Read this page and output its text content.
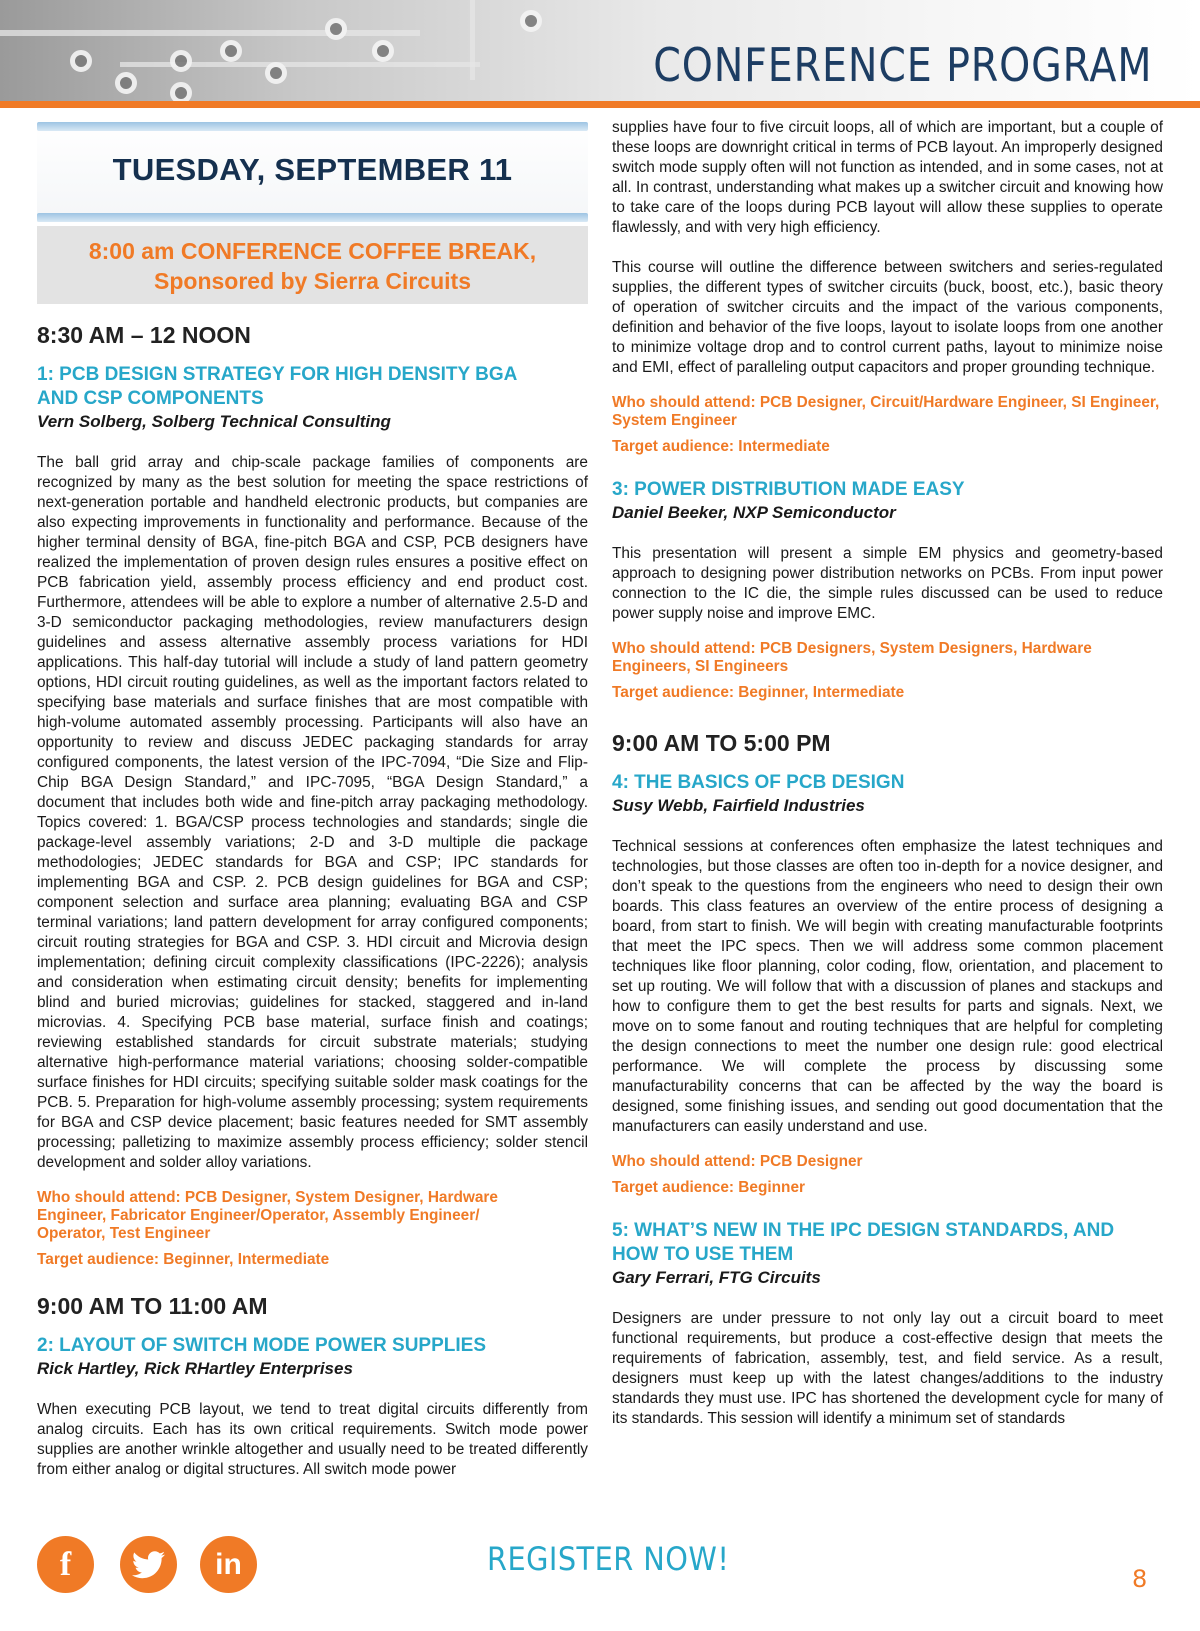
CONFERENCE PROGRAM
TUESDAY, SEPTEMBER 11
8:00 am CONFERENCE COFFEE BREAK,
Sponsored by Sierra Circuits
8:30 AM – 12 NOON
1: PCB DESIGN STRATEGY FOR HIGH DENSITY BGA AND CSP COMPONENTS
Vern Solberg, Solberg Technical Consulting

The ball grid array and chip-scale package families of components are recognized by many as the best solution for meeting the space restrictions of next-generation portable and handheld electronic products, but companies are also expecting improvements in functionality and performance. Because of the higher terminal density of BGA, fine-pitch BGA and CSP, PCB designers have realized the implementation of proven design rules ensures a positive effect on PCB fabrication yield, assembly process efficiency and end product cost. Furthermore, attendees will be able to explore a number of alternative 2.5-D and 3-D semiconductor packaging methodologies, review manufacturers design guidelines and assess alternative assembly process variations for HDI applications. This half-day tutorial will include a study of land pattern geometry options, HDI circuit routing guidelines, as well as the important factors related to specifying base materials and surface finishes that are most compatible with high-volume automated assembly processing. Participants will also have an opportunity to review and discuss JEDEC packaging standards for array configured components, the latest version of the IPC-7094, “Die Size and Flip-Chip BGA Design Standard,” and IPC-7095, “BGA Design Standard,” a document that includes both wide and fine-pitch array packaging methodology. Topics covered: 1. BGA/CSP process technologies and standards; single die package-level assembly variations; 2-D and 3-D multiple die package methodologies; JEDEC standards for BGA and CSP; IPC standards for implementing BGA and CSP. 2. PCB design guidelines for BGA and CSP; component selection and surface area planning; evaluating BGA and CSP terminal variations; land pattern development for array configured components; circuit routing strategies for BGA and CSP. 3. HDI circuit and Microvia design implementation; defining circuit complexity classifications (IPC-2226); analysis and consideration when estimating circuit density; benefits for implementing blind and buried microvias; guidelines for stacked, staggered and in-land microvias. 4. Specifying PCB base material, surface finish and coatings; reviewing established standards for circuit substrate materials; studying alternative high-performance material variations; choosing solder-compatible surface finishes for HDI circuits; specifying suitable solder mask coatings for the PCB. 5. Preparation for high-volume assembly processing; system requirements for BGA and CSP device placement; basic features needed for SMT assembly processing; palletizing to maximize assembly process efficiency; solder stencil development and solder alloy variations.

Who should attend: PCB Designer, System Designer, Hardware Engineer, Fabricator Engineer/Operator, Assembly Engineer/ Operator, Test Engineer
Target audience: Beginner, Intermediate
9:00 AM TO 11:00 AM
2: LAYOUT OF SWITCH MODE POWER SUPPLIES
Rick Hartley, Rick RHartley Enterprises

When executing PCB layout, we tend to treat digital circuits differently from analog circuits. Each has its own critical requirements. Switch mode power supplies are another wrinkle altogether and usually need to be treated differently from either analog or digital structures. All switch mode power

supplies have four to five circuit loops, all of which are important, but a couple of these loops are downright critical in terms of PCB layout. An improperly designed switch mode supply often will not function as intended, and in some cases, not at all. In contrast, understanding what makes up a switcher circuit and knowing how to take care of the loops during PCB layout will allow these supplies to operate flawlessly, and with very high efficiency.

This course will outline the difference between switchers and series-regulated supplies, the different types of switcher circuits (buck, boost, etc.), basic theory of operation of switcher circuits and the impact of the various components, definition and behavior of the five loops, layout to isolate loops from one another to minimize voltage drop and to control current paths, layout to minimize noise and EMI, effect of paralleling output capacitors and proper grounding technique.

Who should attend: PCB Designer, Circuit/Hardware Engineer, SI Engineer, System Engineer
Target audience: Intermediate
3: POWER DISTRIBUTION MADE EASY
Daniel Beeker, NXP Semiconductor

This presentation will present a simple EM physics and geometry-based approach to designing power distribution networks on PCBs. From input power connection to the IC die, the simple rules discussed can be used to reduce power supply noise and improve EMC.

Who should attend: PCB Designers, System Designers, Hardware Engineers, SI Engineers
Target audience: Beginner, Intermediate
9:00 AM TO 5:00 PM
4: THE BASICS OF PCB DESIGN
Susy Webb, Fairfield Industries

Technical sessions at conferences often emphasize the latest techniques and technologies, but those classes are often too in-depth for a novice designer, and don’t speak to the questions from the engineers who need to design their own boards. This class features an overview of the entire process of designing a board, from start to finish. We will begin with creating manufacturable footprints that meet the IPC specs. Then we will address some common placement techniques like floor planning, color coding, flow, orientation, and placement to set up routing. We will follow that with a discussion of planes and stackups and how to configure them to get the best results for parts and signals. Next, we move on to some fanout and routing techniques that are helpful for completing the design connections to meet the number one design rule: good electrical performance. We will complete the process by discussing some manufacturability concerns that can be affected by the way the board is designed, some finishing issues, and sending out good documentation that the manufacturers can easily understand and use.

Who should attend: PCB Designer
Target audience: Beginner
5: WHAT’S NEW IN THE IPC DESIGN STANDARDS, AND HOW TO USE THEM
Gary Ferrari, FTG Circuits

Designers are under pressure to not only lay out a circuit board to meet functional requirements, but produce a cost-effective design that meets the requirements of fabrication, assembly, test, and field service. As a result, designers must keep up with the latest changes/additions to the industry standards they must use. IPC has shortened the development cycle for many of its standards. This session will identify a minimum set of standards

f	in	REGISTER NOW!
8
